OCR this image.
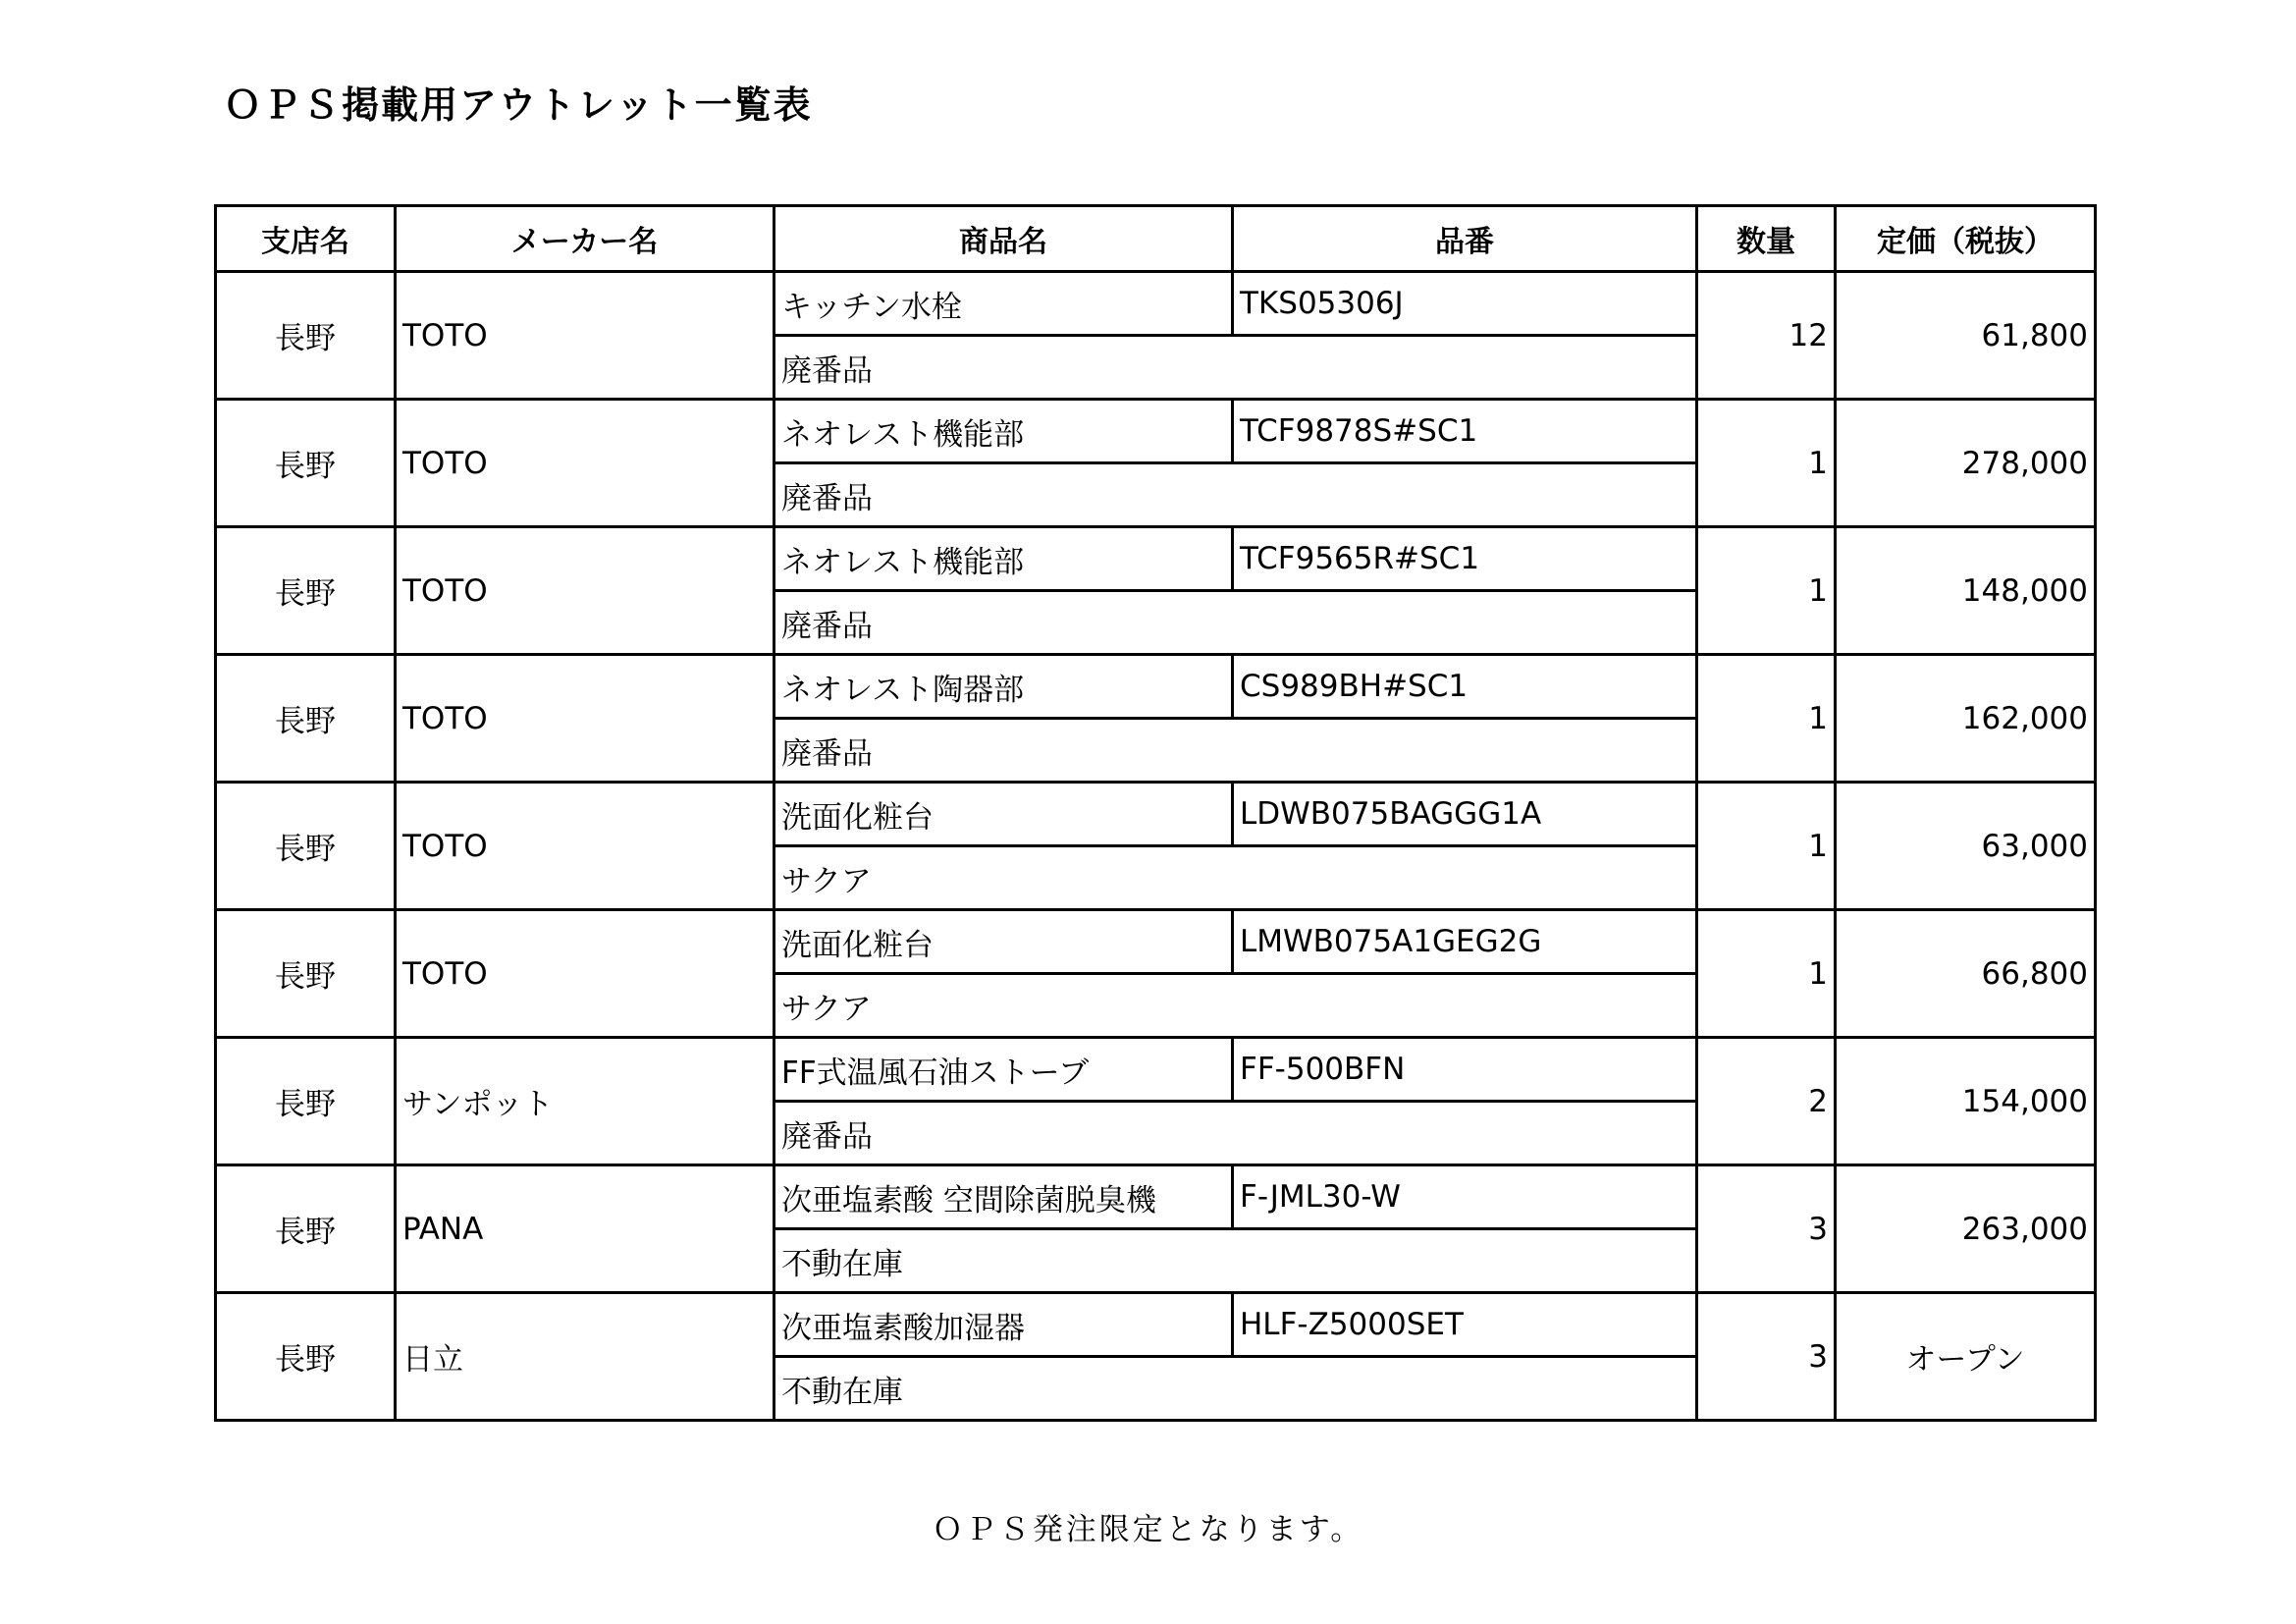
ＯＰＳ掲載用アウトレット一覧表
支店名	メーカー名	商品名	品番	数量	定価（税抜）
長野	TOTO	キッチン水栓	TKS05306J	12	61,800
		廃番品			
長野	TOTO	ネオレスト機能部	TCF9878S#SC1	1	278,000
		廃番品			
長野	TOTO	ネオレスト機能部	TCF9565R#SC1	1	148,000
		廃番品			
長野	TOTO	ネオレスト陶器部	CS989BH#SC1	1	162,000
		廃番品			
長野	TOTO	洗面化粧台	LDWB075BAGGG1A	1	63,000
		サクア			
長野	TOTO	洗面化粧台	LMWB075A1GEG2G	1	66,800
		サクア			
長野	サンポット	FF式温風石油ストーブ	FF-500BFN	2	154,000
		廃番品			
長野	PANA	次亜塩素酸 空間除菌脱臭機	F-JML30-W	3	263,000
		不動在庫			
長野	日立	次亜塩素酸加湿器	HLF-Z5000SET	3	オープン
		不動在庫			
ＯＰＳ発注限定となります。
